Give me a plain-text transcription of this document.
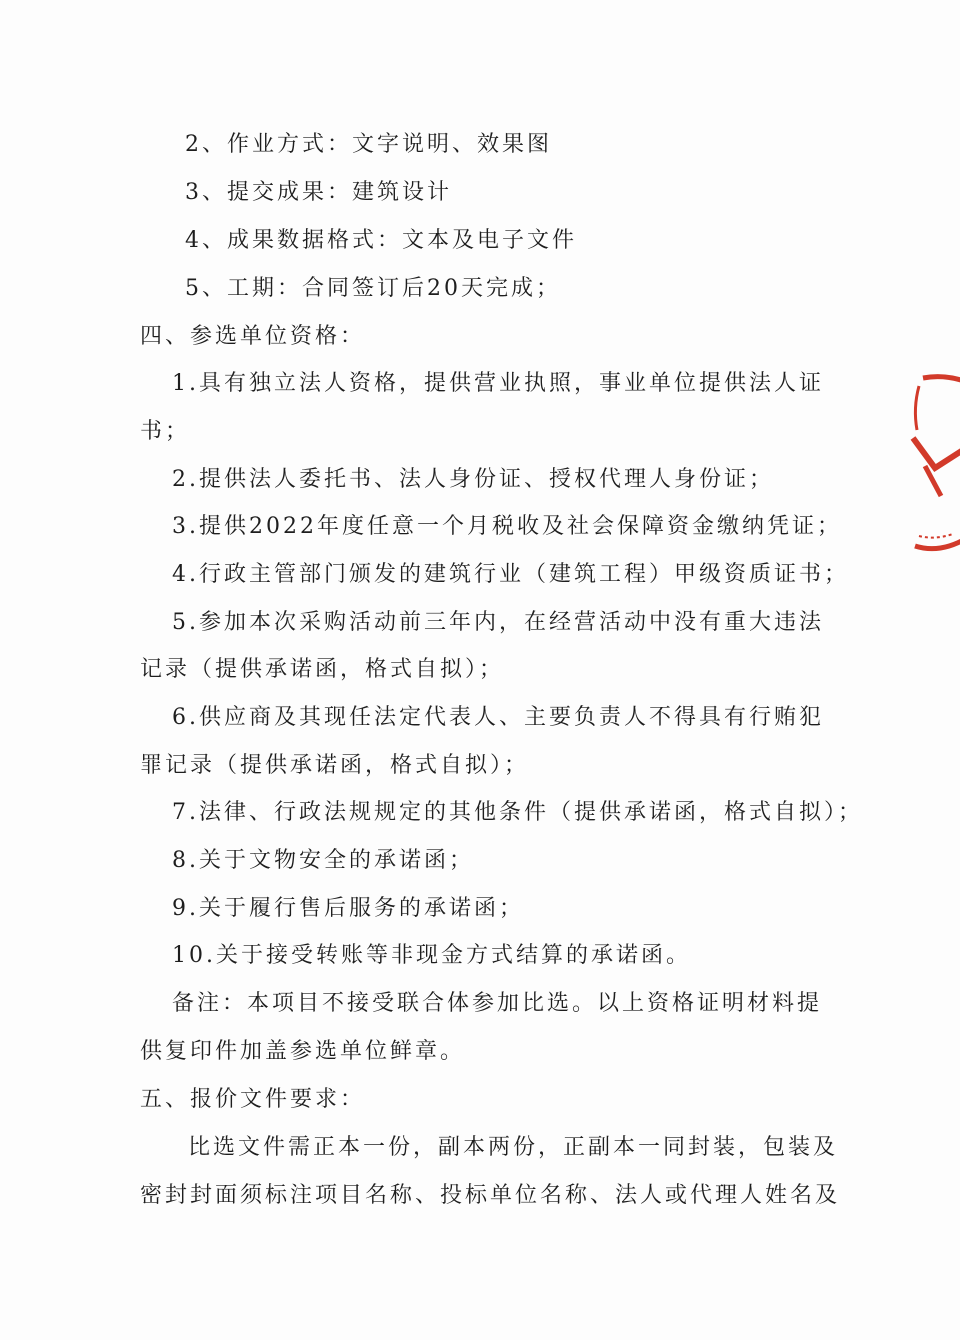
2、作业方式：文字说明、效果图
3、提交成果：建筑设计
4、成果数据格式：文本及电子文件
5、工期：合同签订后20天完成；
四、参选单位资格：
1.具有独立法人资格，提供营业执照，事业单位提供法人证
书；
2.提供法人委托书、法人身份证、授权代理人身份证；
3.提供2022年度任意一个月税收及社会保障资金缴纳凭证；
4.行政主管部门颁发的建筑行业（建筑工程）甲级资质证书；
5.参加本次采购活动前三年内，在经营活动中没有重大违法
记录（提供承诺函，格式自拟）；
6.供应商及其现任法定代表人、主要负责人不得具有行贿犯
罪记录（提供承诺函，格式自拟）；
7.法律、行政法规规定的其他条件（提供承诺函，格式自拟）；
8.关于文物安全的承诺函；
9.关于履行售后服务的承诺函；
10.关于接受转账等非现金方式结算的承诺函。
备注：本项目不接受联合体参加比选。以上资格证明材料提
供复印件加盖参选单位鲜章。
五、报价文件要求：
比选文件需正本一份，副本两份，正副本一同封装，包装及
密封封面须标注项目名称、投标单位名称、法人或代理人姓名及
